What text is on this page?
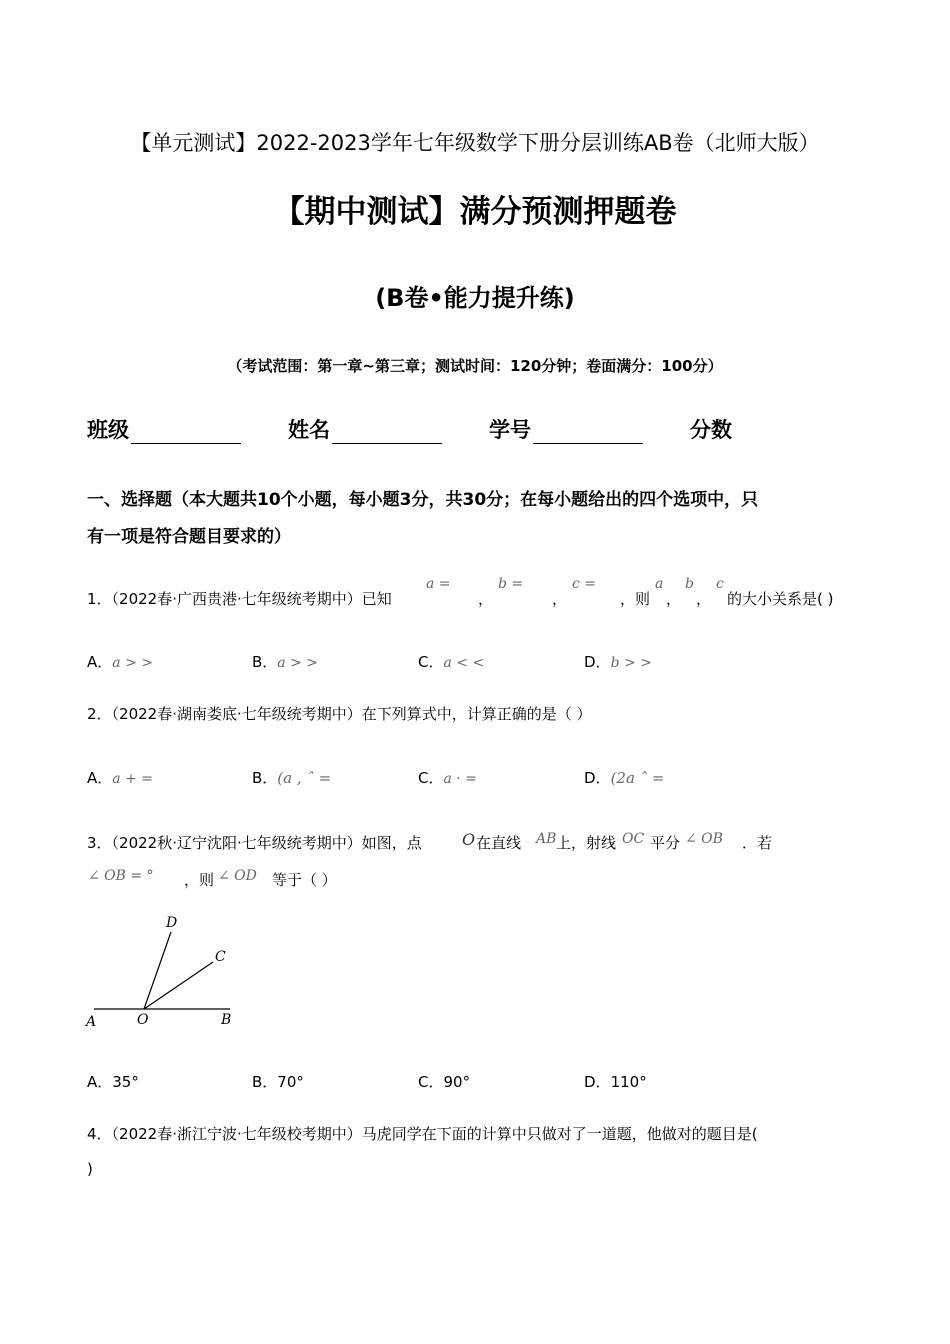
【单元测试】2022-2023学年七年级数学下册分层训练AB卷（北师大版）
【期中测试】满分预测押题卷
(B卷•能力提升练)
（考试范围：第一章~第三章；测试时间：120分钟；卷面满分：100分）
班级	姓名	学号	分数
一、选择题（本大题共10个小题，每小题3分，共30分；在每小题给出的四个选项中，只
有一项是符合题目要求的）
1．（2022春·广西贵港·七年级统考期中）已知
a =
，
b =
，
c =
，则
a
，
b
，
c
的大小关系是( )
A．a > >	B．a > >	C．a < <	D．b > >
2．（2022春·湖南娄底·七年级统考期中）在下列算式中，计算正确的是（ ）
A．a + =	B．(a , ˆ =	C．a · =	D．(2a ˆ =
3．（2022秋·辽宁沈阳·七年级统考期中）如图，点	O 在直线 AB 上，射线 OC 平分 ∠ OB ．若
∠ OB = ° ，则 ∠ OD 等于（ ）
D
C
A	O	B
A．35°	B．70°	C．90°	D．110°
4．（2022春·浙江宁波·七年级校考期中）马虎同学在下面的计算中只做对了一道题，他做对的题目是(
)
